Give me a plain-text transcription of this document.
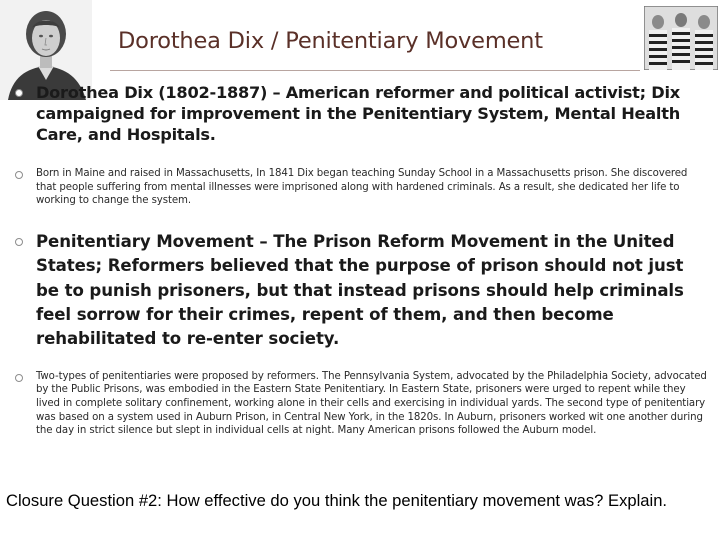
Dorothea Dix / Penitentiary Movement
Dorothea Dix (1802-1887) – American reformer and political activist; Dix campaigned for improvement in the Penitentiary System, Mental Health Care, and Hospitals.
Born in Maine and raised in Massachusetts, In 1841 Dix began teaching Sunday School in a Massachusetts prison. She discovered that people suffering from mental illnesses were imprisoned along with hardened criminals. As a result, she dedicated her life to working to change the system.
Penitentiary Movement – The Prison Reform Movement in the United States; Reformers believed that the purpose of prison should not just be to punish prisoners, but that instead prisons should help criminals feel sorrow for their crimes, repent of them, and then become rehabilitated to re-enter society.
Two-types of penitentiaries were proposed by reformers. The Pennsylvania System, advocated by the Philadelphia Society, advocated by the Public Prisons, was embodied in the Eastern State Penitentiary. In Eastern State, prisoners were urged to repent while they lived in complete solitary confinement, working alone in their cells and exercising in individual yards. The second type of penitentiary was based on a system used in Auburn Prison, in Central New York, in the 1820s. In Auburn, prisoners worked wit one another during the day in strict silence but slept in individual cells at night. Many American prisons followed the Auburn model.
Closure Question #2: How effective do you think the penitentiary movement was? Explain.
